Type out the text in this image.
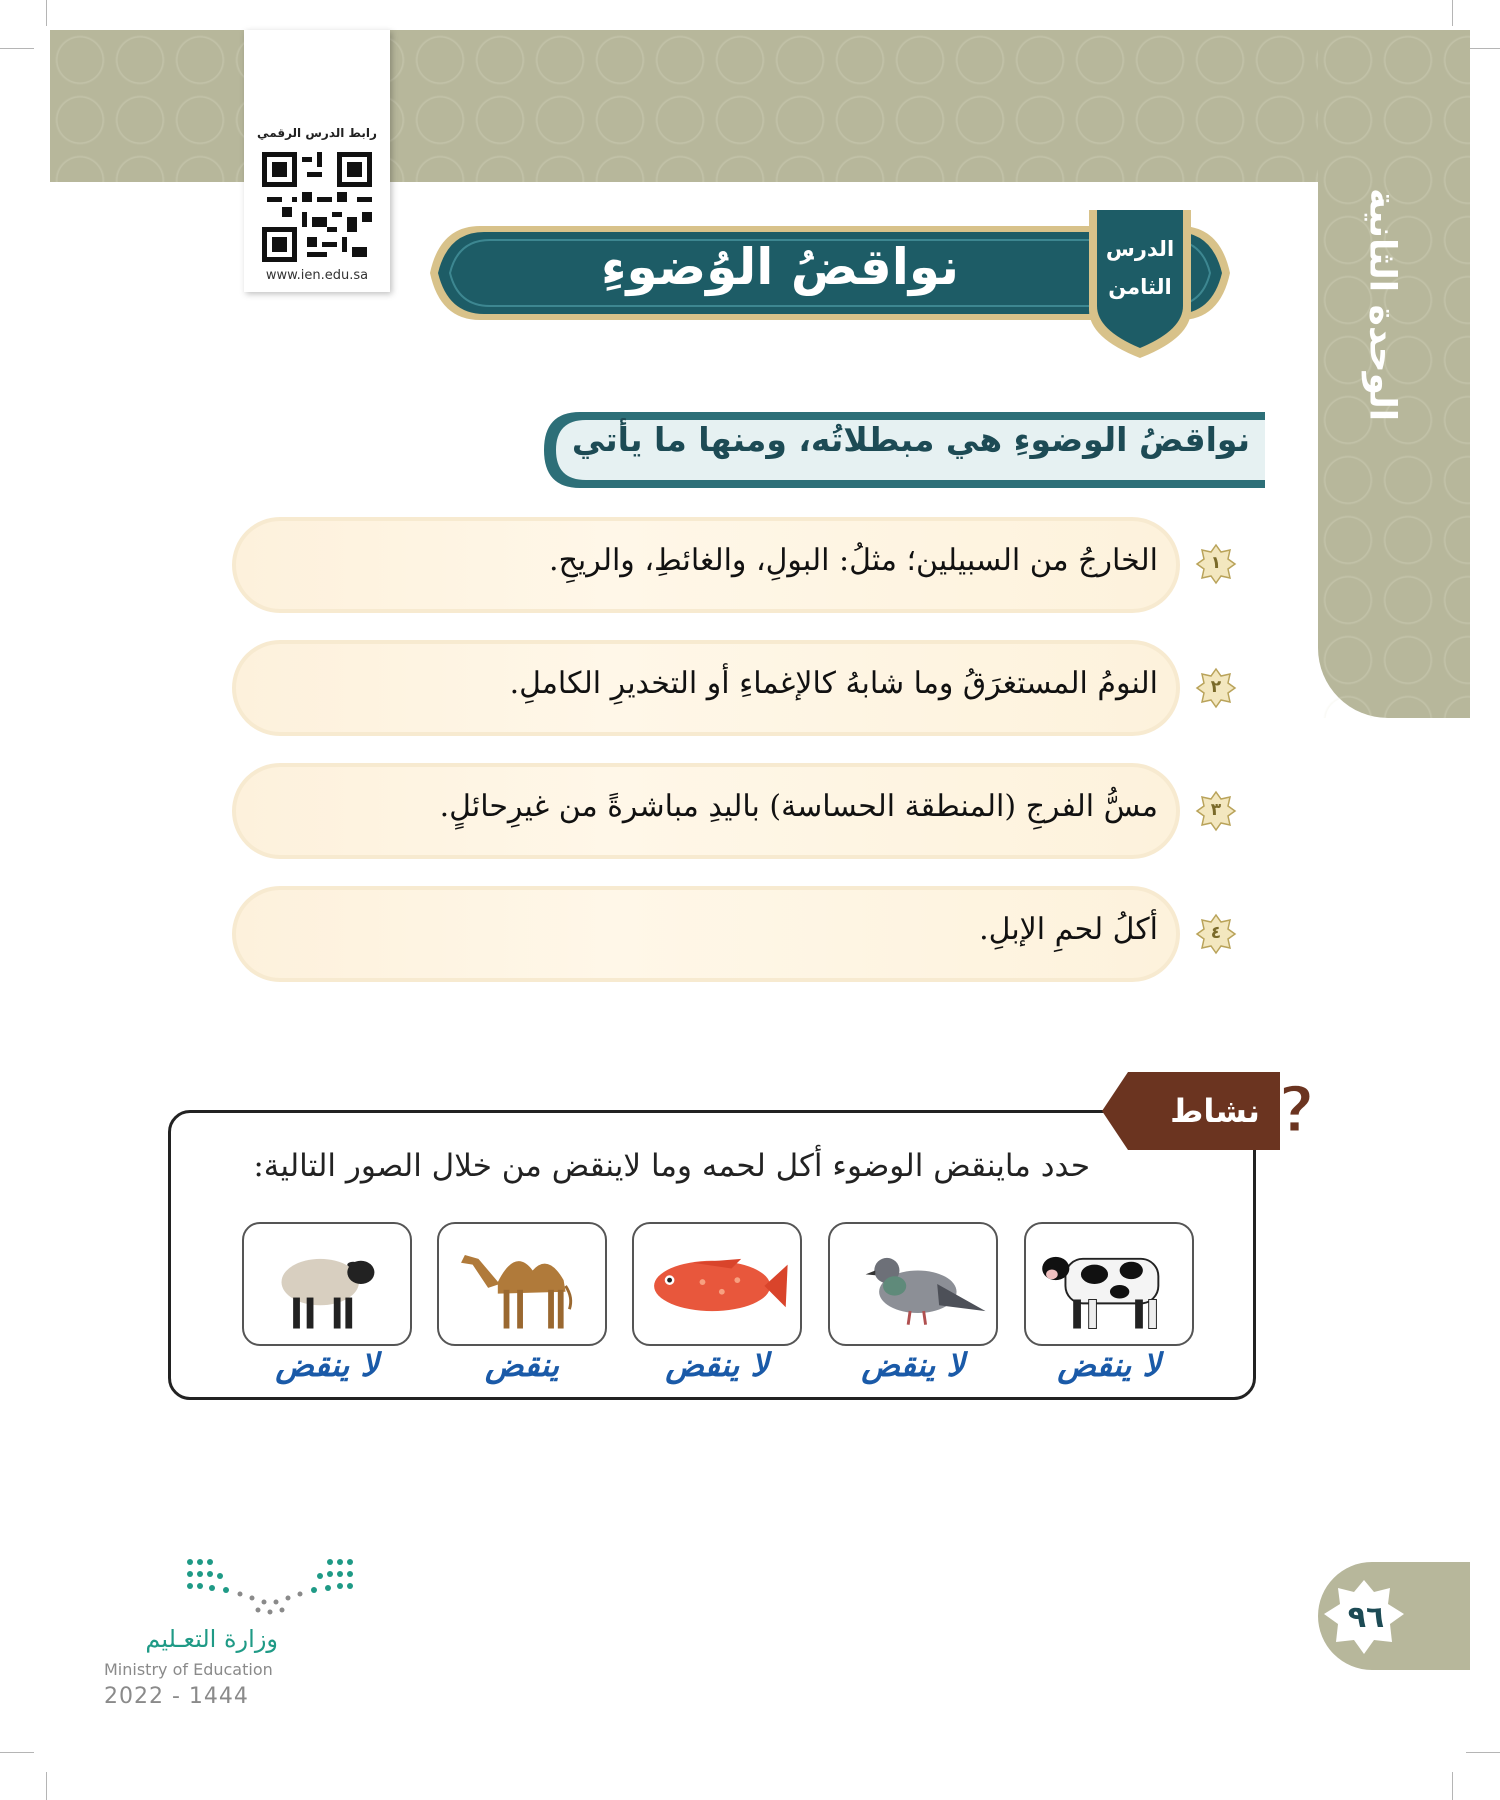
الوحدة الثانية
رابط الدرس الرقمي
www.ien.edu.sa
الدرس
الثامن
نواقضُ الوُضوءِ
نواقضُ الوضوءِ هي مبطلاتُه، ومنها ما يأتي
الخارجُ من السبيلين؛ مثلُ: البولِ، والغائطِ، والريحِ.	١
النومُ المستغرَقُ وما شابهُ كالإغماءِ أو التخديرِ الكاملِ.	٢
مسُّ الفرجِ (المنطقة الحساسة) باليدِ مباشرةً من غيرِحائلٍ.	٣
أكلُ لحمِ الإبلِ.	٤
?
نشاط
حدد ماينقض الوضوء أكل لحمه وما لاينقض من خلال الصور التالية:
لا ينقض
لا ينقض
لا ينقض
ينقض
لا ينقض
وزارة التعـليم
Ministry of Education
2022 - 1444
٩٦
